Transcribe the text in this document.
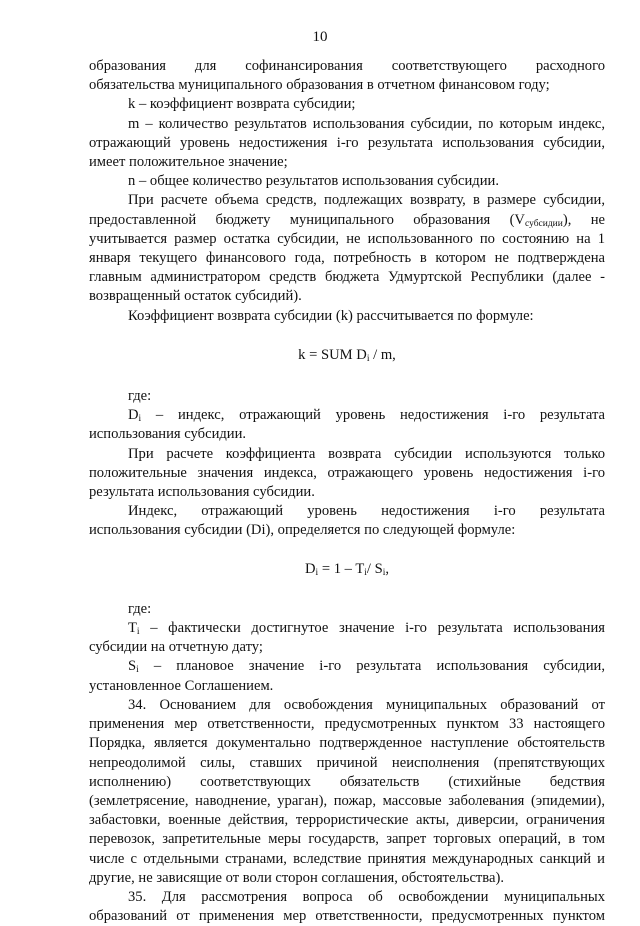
10

образования для софинансирования соответствующего расходного

обязательства муниципального образования в отчетном финансовом году;

k – коэффициент возврата субсидии;

m – количество результатов использования субсидии, по которым индекс, отражающий уровень недостижения i-го результата использования субсидии, имеет положительное значение;

n – общее количество результатов использования субсидии.

При расчете объема средств, подлежащих возврату, в размере субсидии, предоставленной бюджету муниципального образования $(V_{субсидии})$, не учитывается размер остатка субсидии, не использованного по состоянию на 1 января текущего финансового года, потребность в котором не подтверждена главным администратором средств бюджета Удмуртской Республики (далее - возвращенный остаток субсидий).

Коэффициент возврата субсидии (k) рассчитывается по формуле:

k = SUM $D_i$ / m,

где:

$D_i$ – индекс, отражающий уровень недостижения i-го результата использования субсидии.

При расчете коэффициента возврата субсидии используются только положительные значения индекса, отражающего уровень недостижения i-го результата использования субсидии.

Индекс, отражающий уровень недостижения i-го результата

использования субсидии (Di), определяется по следующей формуле:

$D_i = 1 - T_i/$ $S_i$,

где:

$T_i$ – фактически достигнутое значение i-го результата использования субсидии на отчетную дату;

$S_i$ – плановое значение i-го результата использования субсидии, установленное Соглашением.

34. Основанием для освобождения муниципальных образований от применения мер ответственности, предусмотренных пунктом 33 настоящего Порядка, является документально подтвержденное наступление обстоятельств непреодолимой силы, ставших причиной неисполнения (препятствующих исполнению) соответствующих обязательств (стихийные бедствия (землетрясение, наводнение, ураган), пожар, массовые заболевания (эпидемии), забастовки, военные действия, террористические акты, диверсии, ограничения перевозок, запретительные меры государств, запрет торговых операций, в том числе с отдельными странами, вследствие принятия международных санкций и другие, не зависящие от воли сторон соглашения, обстоятельства).

35. Для рассмотрения вопроса об освобождении муниципальных образований от применения мер ответственности, предусмотренных пунктом
